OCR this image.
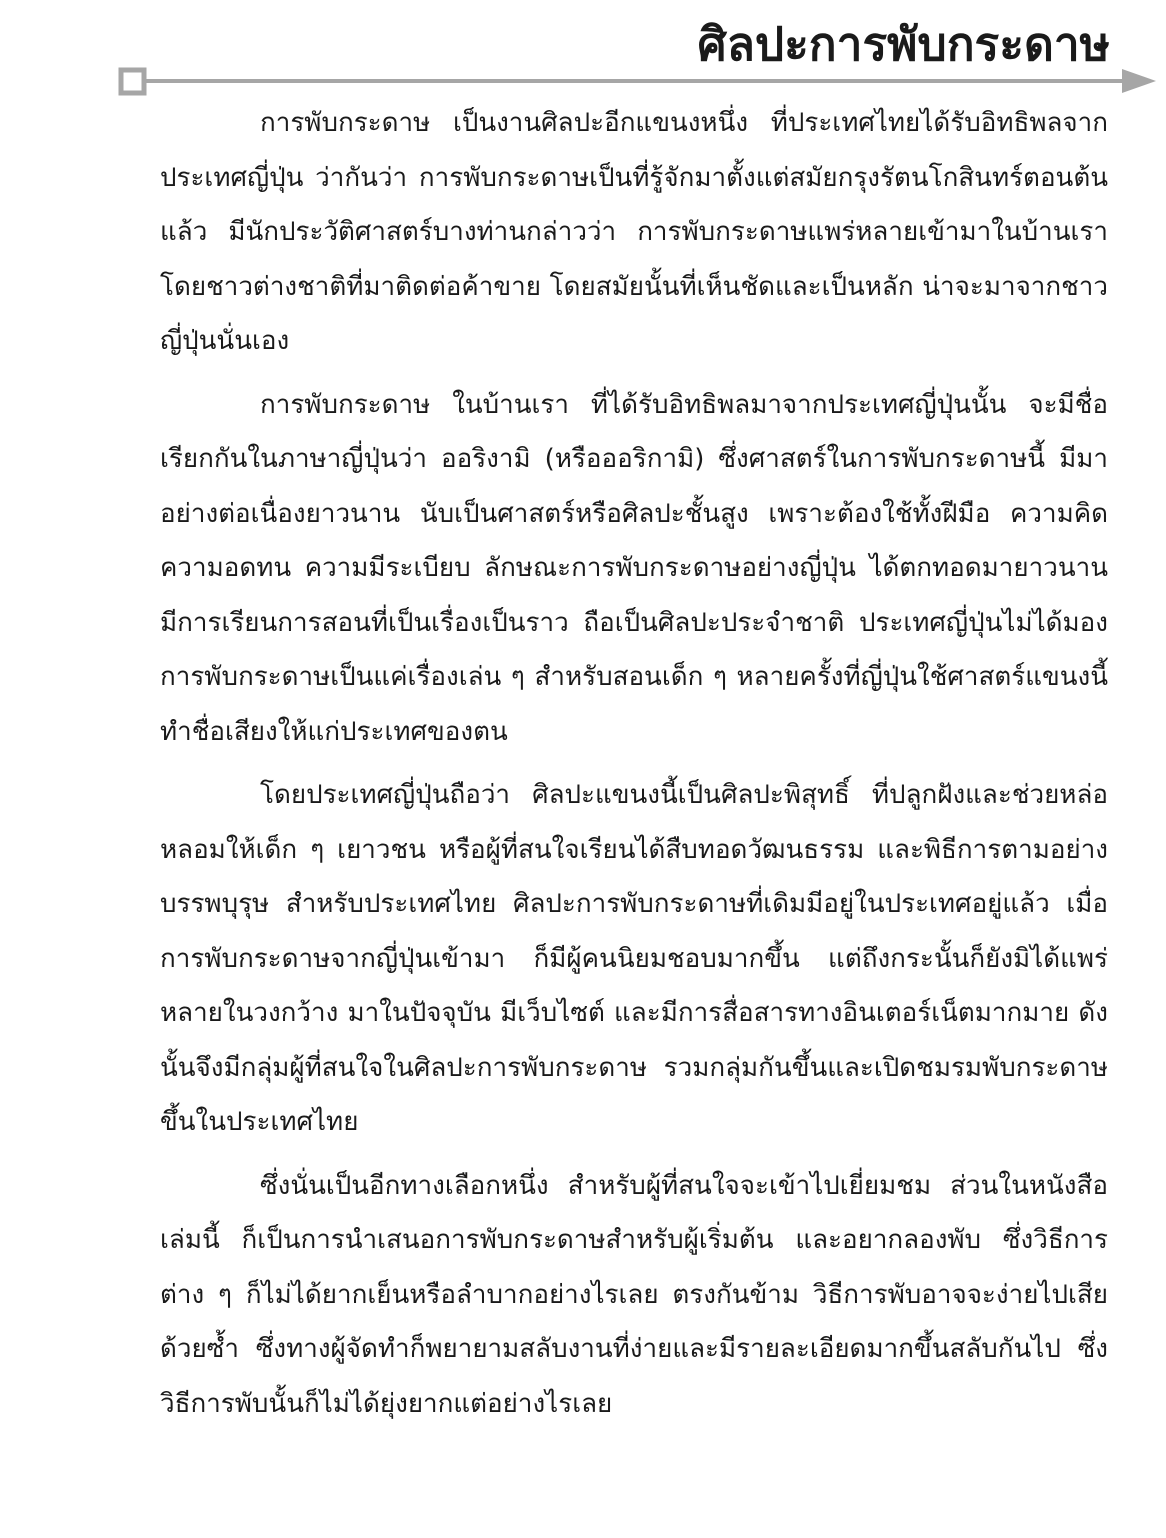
ศิลปะการพับกระดาษ

การพับกระดาษ เป็นงานศิลปะอีกแขนงหนึ่ง ที่ประเทศไทยได้รับอิทธิพลจากประเทศญี่ปุ่น ว่ากันว่า การพับกระดาษเป็นที่รู้จักมาตั้งแต่สมัยกรุงรัตนโกสินทร์ตอนต้นแล้ว มีนักประวัติศาสตร์บางท่านกล่าวว่า การพับกระดาษแพร่หลายเข้ามาในบ้านเรา โดยชาวต่างชาติที่มาติดต่อค้าขาย โดยสมัยนั้นที่เห็นชัดและเป็นหลัก น่าจะมาจากชาวญี่ปุ่นนั่นเอง

การพับกระดาษ ในบ้านเรา ที่ได้รับอิทธิพลมาจากประเทศญี่ปุ่นนั้น จะมีชื่อเรียกกันในภาษาญี่ปุ่นว่า ออริงามิ (หรือออริกามิ) ซึ่งศาสตร์ในการพับกระดาษนี้ มีมาอย่างต่อเนื่องยาวนาน นับเป็นศาสตร์หรือศิลปะชั้นสูง เพราะต้องใช้ทั้งฝีมือ ความคิด ความอดทน ความมีระเบียบ ลักษณะการพับกระดาษอย่างญี่ปุ่น ได้ตกทอดมายาวนาน มีการเรียนการสอนที่เป็นเรื่องเป็นราว ถือเป็นศิลปะประจำชาติ ประเทศญี่ปุ่นไม่ได้มองการพับกระดาษเป็นแค่เรื่องเล่น ๆ สำหรับสอนเด็ก ๆ หลายครั้งที่ญี่ปุ่นใช้ศาสตร์แขนงนี้ ทำชื่อเสียงให้แก่ประเทศของตน

โดยประเทศญี่ปุ่นถือว่า ศิลปะแขนงนี้เป็นศิลปะพิสุทธิ์ ที่ปลูกฝังและช่วยหล่อหลอมให้เด็ก ๆ เยาวชน หรือผู้ที่สนใจเรียนได้สืบทอดวัฒนธรรม และพิธีการตามอย่างบรรพบุรุษ สำหรับประเทศไทย ศิลปะการพับกระดาษที่เดิมมีอยู่ในประเทศอยู่แล้ว เมื่อการพับกระดาษจากญี่ปุ่นเข้ามา ก็มีผู้คนนิยมชอบมากขึ้น แต่ถึงกระนั้นก็ยังมิได้แพร่หลายในวงกว้าง มาในปัจจุบัน มีเว็บไซต์ และมีการสื่อสารทางอินเตอร์เน็ตมากมาย ดังนั้นจึงมีกลุ่มผู้ที่สนใจในศิลปะการพับกระดาษ รวมกลุ่มกันขึ้นและเปิดชมรมพับกระดาษขึ้นในประเทศไทย

ซึ่งนั่นเป็นอีกทางเลือกหนึ่ง สำหรับผู้ที่สนใจจะเข้าไปเยี่ยมชม ส่วนในหนังสือเล่มนี้ ก็เป็นการนำเสนอการพับกระดาษสำหรับผู้เริ่มต้น และอยากลองพับ ซึ่งวิธีการต่าง ๆ ก็ไม่ได้ยากเย็นหรือลำบากอย่างไรเลย ตรงกันข้าม วิธีการพับอาจจะง่ายไปเสียด้วยซ้ำ ซึ่งทางผู้จัดทำก็พยายามสลับงานที่ง่ายและมีรายละเอียดมากขึ้นสลับกันไป ซึ่งวิธีการพับนั้นก็ไม่ได้ยุ่งยากแต่อย่างไรเลย
